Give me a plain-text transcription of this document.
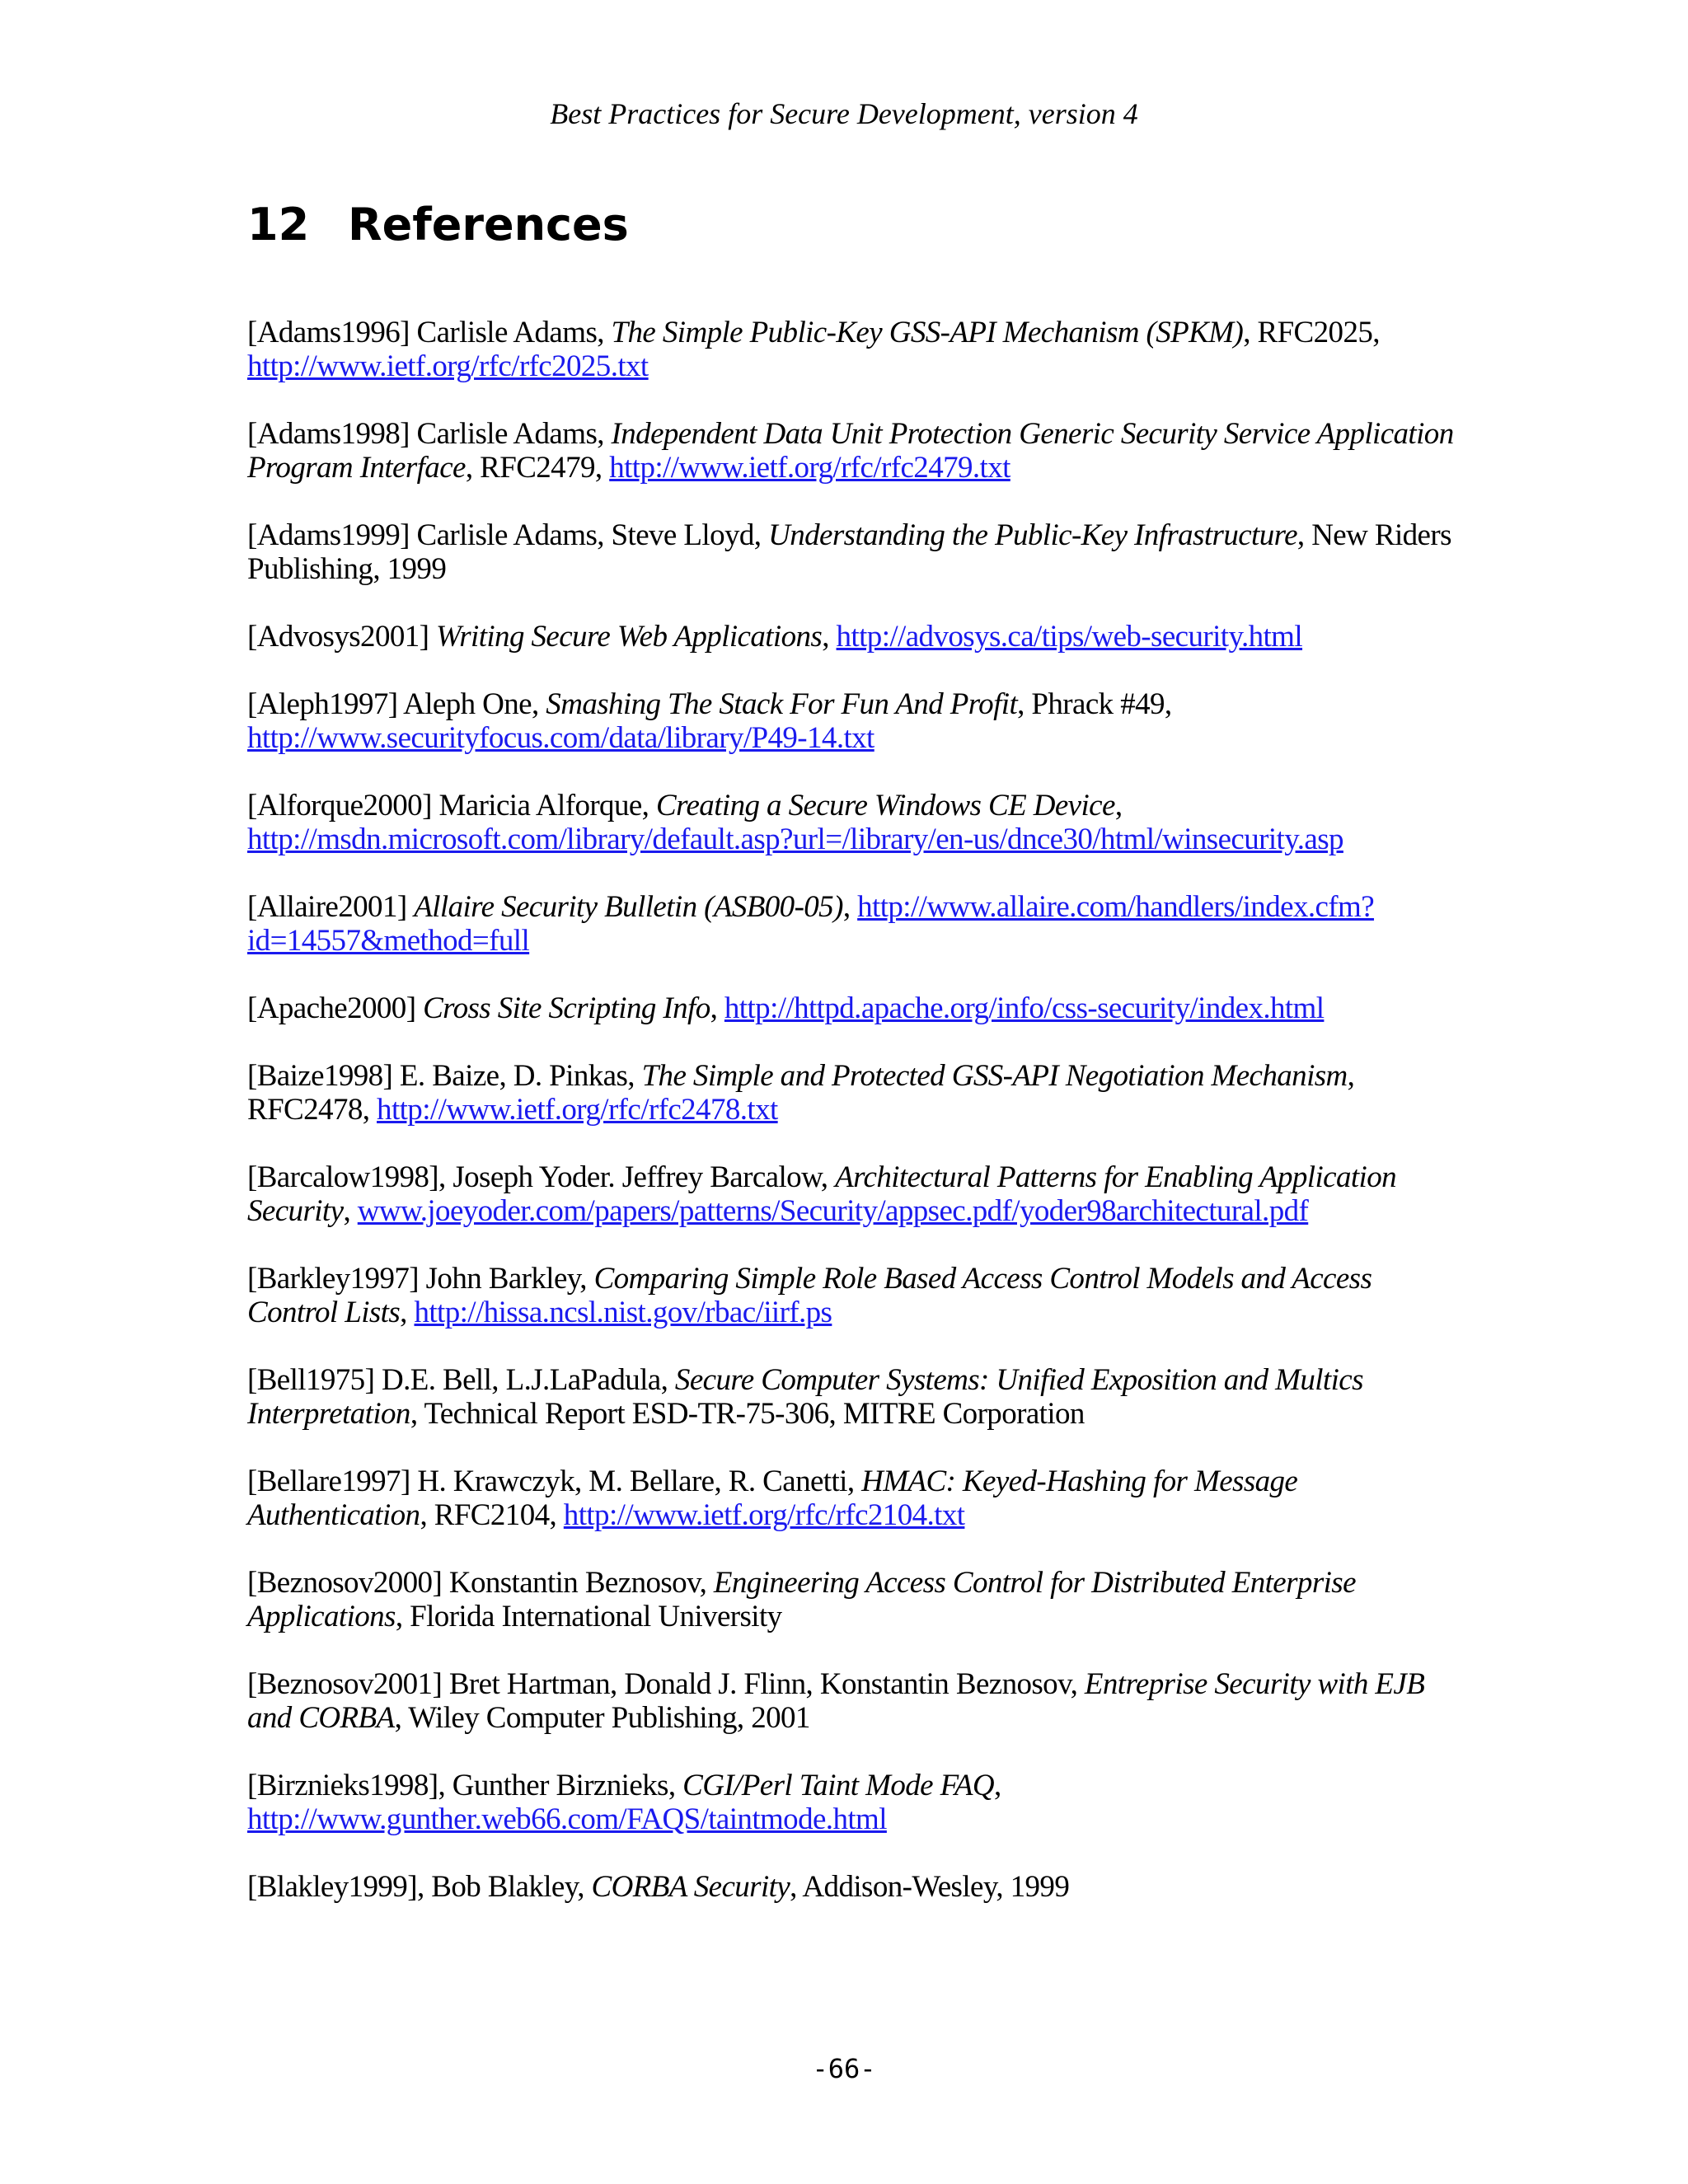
Best Practices for Secure Development, version 4
12 References
[Adams1996] Carlisle Adams, The Simple Public-Key GSS-API Mechanism (SPKM), RFC2025, http://www.ietf.org/rfc/rfc2025.txt
[Adams1998] Carlisle Adams, Independent Data Unit Protection Generic Security Service Application Program Interface, RFC2479, http://www.ietf.org/rfc/rfc2479.txt
[Adams1999] Carlisle Adams, Steve Lloyd, Understanding the Public-Key Infrastructure, New Riders Publishing, 1999
[Advosys2001] Writing Secure Web Applications, http://advosys.ca/tips/web-security.html
[Aleph1997] Aleph One, Smashing The Stack For Fun And Profit, Phrack #49, http://www.securityfocus.com/data/library/P49-14.txt
[Alforque2000] Maricia Alforque, Creating a Secure Windows CE Device, http://msdn.microsoft.com/library/default.asp?url=/library/en-us/dnce30/html/winsecurity.asp
[Allaire2001] Allaire Security Bulletin (ASB00-05), http://www.allaire.com/handlers/index.cfm?id=14557&method=full
[Apache2000] Cross Site Scripting Info, http://httpd.apache.org/info/css-security/index.html
[Baize1998] E. Baize, D. Pinkas, The Simple and Protected GSS-API Negotiation Mechanism, RFC2478, http://www.ietf.org/rfc/rfc2478.txt
[Barcalow1998], Joseph Yoder. Jeffrey Barcalow, Architectural Patterns for Enabling Application Security, www.joeyoder.com/papers/patterns/Security/appsec.pdf/yoder98architectural.pdf
[Barkley1997] John Barkley, Comparing Simple Role Based Access Control Models and Access Control Lists, http://hissa.ncsl.nist.gov/rbac/iirf.ps
[Bell1975] D.E. Bell, L.J.LaPadula, Secure Computer Systems: Unified Exposition and Multics Interpretation, Technical Report ESD-TR-75-306, MITRE Corporation
[Bellare1997] H. Krawczyk, M. Bellare, R. Canetti, HMAC: Keyed-Hashing for Message Authentication, RFC2104, http://www.ietf.org/rfc/rfc2104.txt
[Beznosov2000] Konstantin Beznosov, Engineering Access Control for Distributed Enterprise Applications, Florida International University
[Beznosov2001] Bret Hartman, Donald J. Flinn, Konstantin Beznosov, Entreprise Security with EJB and CORBA, Wiley Computer Publishing, 2001
[Birznieks1998], Gunther Birznieks, CGI/Perl Taint Mode FAQ, http://www.gunther.web66.com/FAQS/taintmode.html
[Blakley1999], Bob Blakley, CORBA Security, Addison-Wesley, 1999
-66-
